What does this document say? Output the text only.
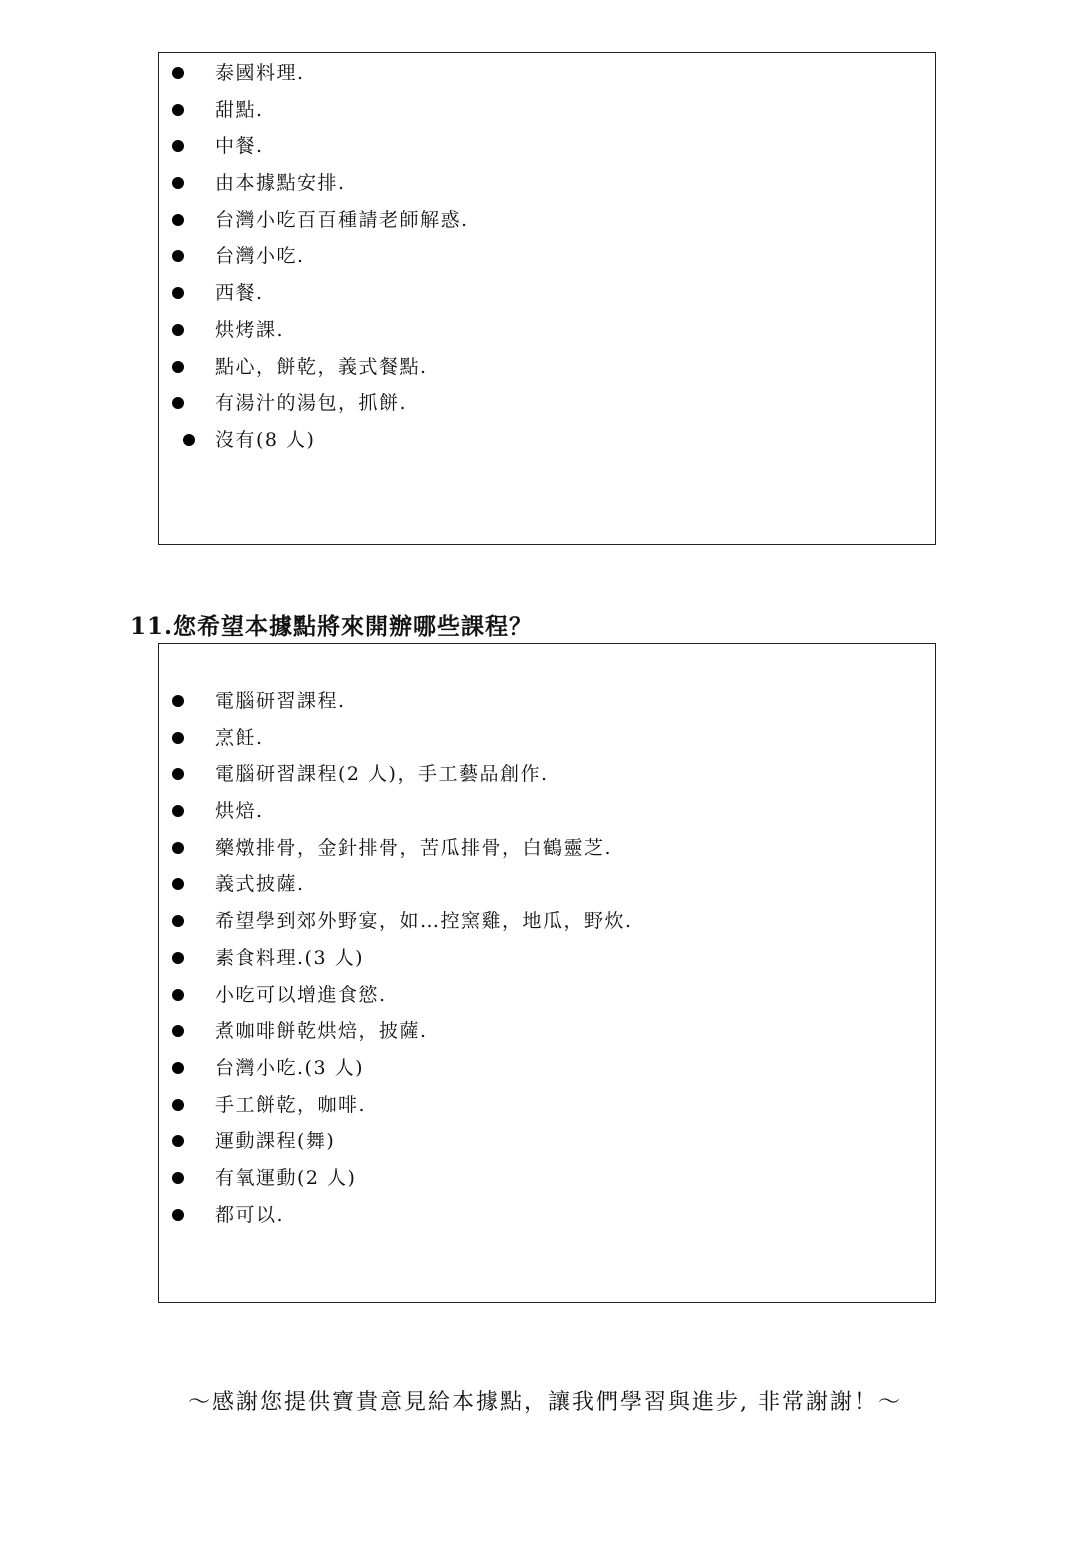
泰國料理.
甜點.
中餐.
由本據點安排.
台灣小吃百百種請老師解惑.
台灣小吃.
西餐.
烘烤課.
點心，餅乾，義式餐點.
有湯汁的湯包，抓餅.
沒有(8 人)
11.您希望本據點將來開辦哪些課程？
電腦研習課程.
烹飪.
電腦研習課程(2 人)，手工藝品創作.
烘焙.
藥燉排骨，金針排骨，苦瓜排骨，白鶴靈芝.
義式披薩.
希望學到郊外野宴，如…控窯雞，地瓜，野炊.
素食料理.(3 人)
小吃可以增進食慾.
煮咖啡餅乾烘焙，披薩.
台灣小吃.(3 人)
手工餅乾，咖啡.
運動課程(舞)
有氧運動(2 人)
都可以.
～感謝您提供寶貴意見給本據點，讓我們學習與進步, 非常謝謝！～
